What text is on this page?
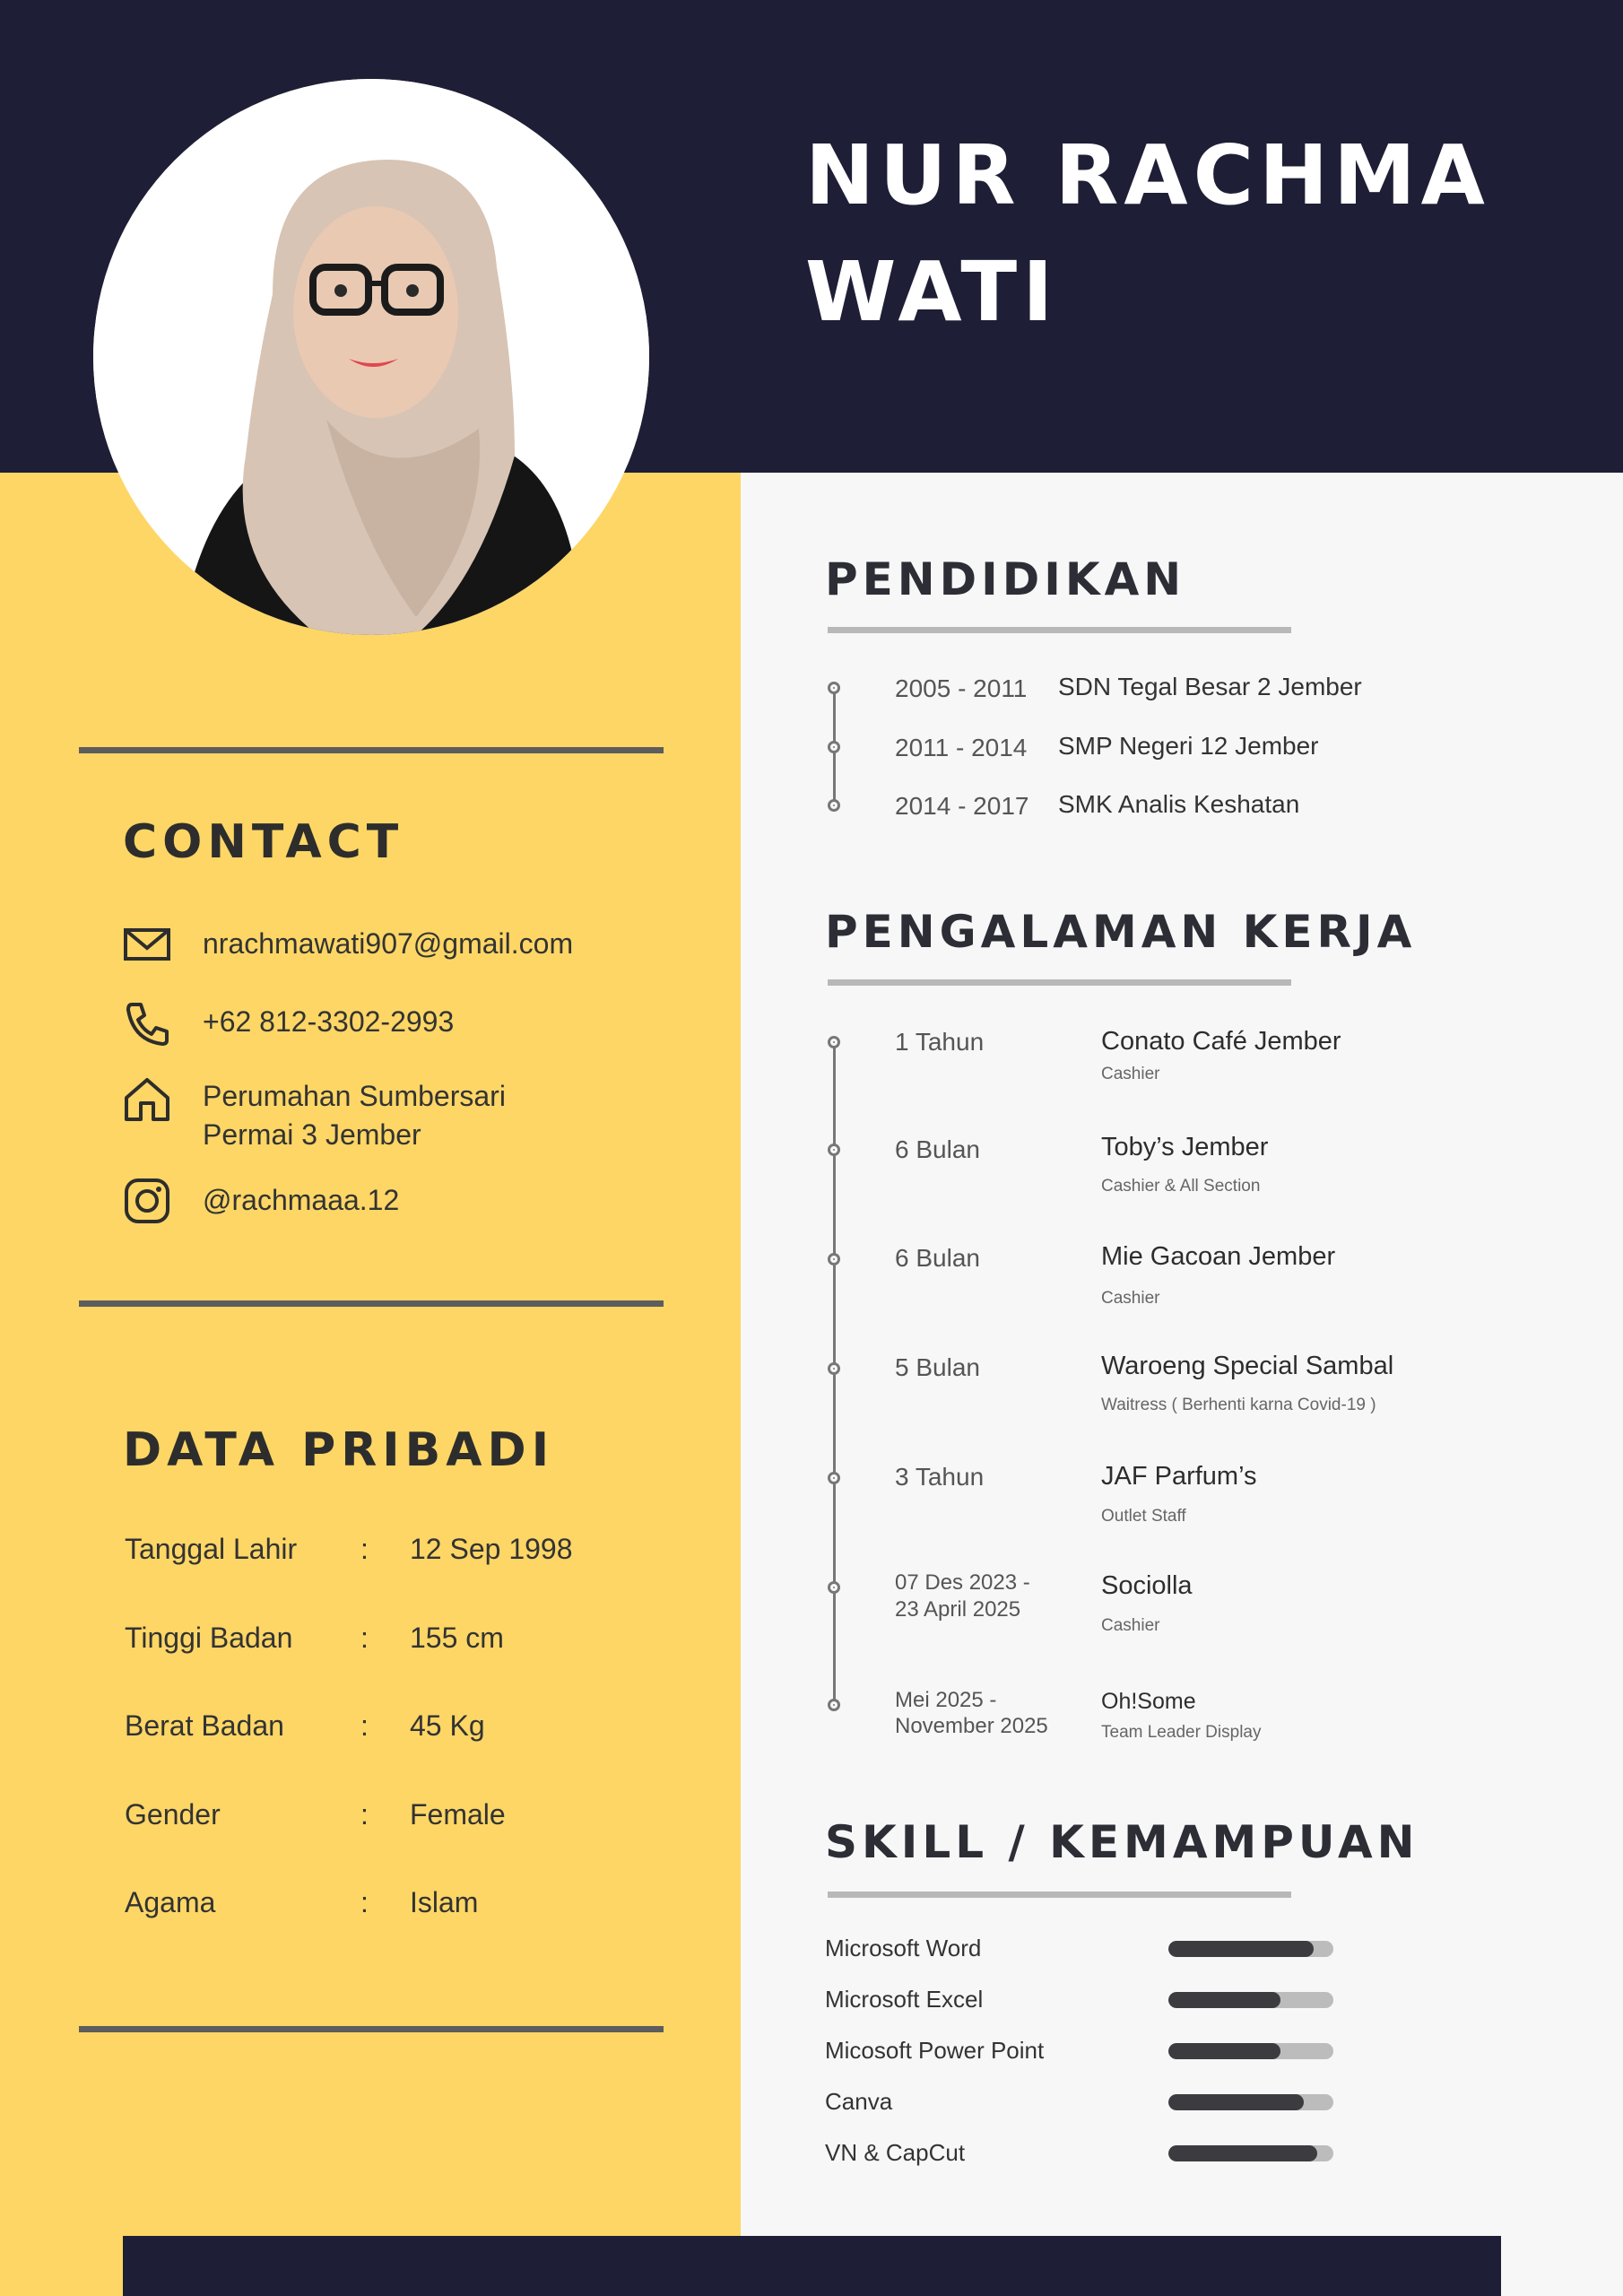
NUR RACHMA
WATI
CONTACT
nrachmawati907@gmail.com
+62 812-3302-2993
Perumahan Sumbersari
Permai 3 Jember
@rachmaaa.12
DATA PRIBADI
Tanggal Lahir : 12 Sep 1998
Tinggi Badan : 155 cm
Berat Badan	: 45 Kg
Gender	: Female
Agama	: Islam
PENDIDIKAN
2005 - 2011 SDN Tegal Besar 2 Jember
2011 - 2014 SMP Negeri 12 Jember
2014 - 2017 SMK Analis Keshatan
PENGALAMAN KERJA
1 Tahun	Conato Café Jember
Cashier
6 Bulan	Toby’s Jember
Cashier & All Section
6 Bulan	Mie Gacoan Jember
Cashier
5 Bulan	Waroeng Special Sambal
Waitress ( Berhenti karna Covid-19 )
3 Tahun	JAF Parfum’s
Outlet Staff
07 Des 2023 -
23 April 2025
Sociolla
Cashier
Mei 2025 -
November 2025
Oh!Some
Team Leader Display
SKILL / KEMAMPUAN
Microsoft Word
Microsoft Excel
Micosoft Power Point
Canva
VN & CapCut
